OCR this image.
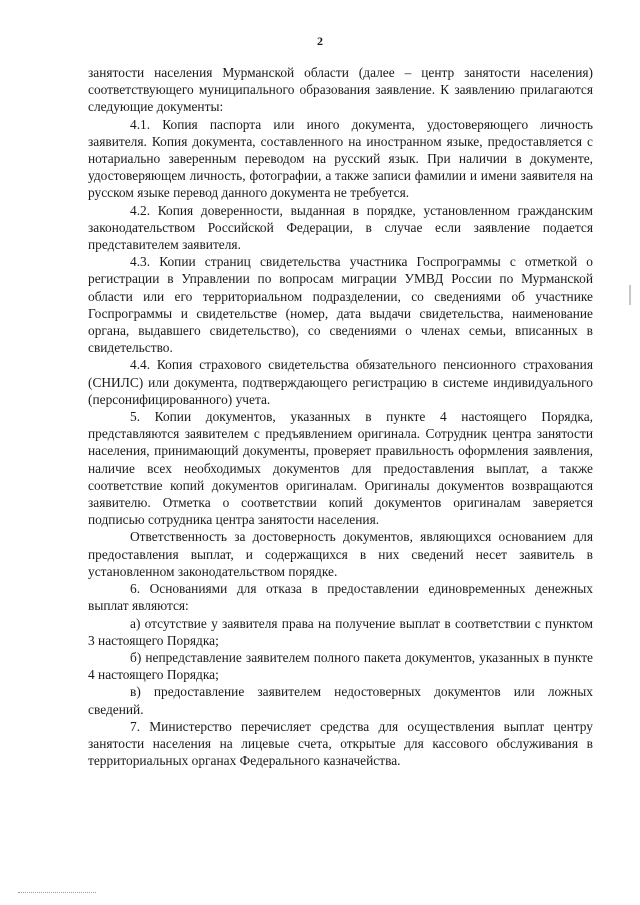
2

занятости населения Мурманской области (далее – центр занятости населения) соответствующего муниципального образования заявление. К заявлению прилагаются следующие документы:

4.1. Копия паспорта или иного документа, удостоверяющего личность заявителя. Копия документа, составленного на иностранном языке, предоставляется с нотариально заверенным переводом на русский язык. При наличии в документе, удостоверяющем личность, фотографии, а также записи фамилии и имени заявителя на русском языке перевод данного документа не требуется.

4.2. Копия доверенности, выданная в порядке, установленном гражданским законодательством Российской Федерации, в случае если заявление подается представителем заявителя.

4.3. Копии страниц свидетельства участника Госпрограммы с отметкой о регистрации в Управлении по вопросам миграции УМВД России по Мурманской области или его территориальном подразделении, со сведениями об участнике Госпрограммы и свидетельстве (номер, дата выдачи свидетельства, наименование органа, выдавшего свидетельство), со сведениями о членах семьи, вписанных в свидетельство.

4.4. Копия страхового свидетельства обязательного пенсионного страхования (СНИЛС) или документа, подтверждающего регистрацию в системе индивидуального (персонифицированного) учета.

5. Копии документов, указанных в пункте 4 настоящего Порядка, представляются заявителем с предъявлением оригинала. Сотрудник центра занятости населения, принимающий документы, проверяет правильность оформления заявления, наличие всех необходимых документов для предоставления выплат, а также соответствие копий документов оригиналам. Оригиналы документов возвращаются заявителю. Отметка о соответствии копий документов оригиналам заверяется подписью сотрудника центра занятости населения.

Ответственность за достоверность документов, являющихся основанием для предоставления выплат, и содержащихся в них сведений несет заявитель в установленном законодательством порядке.

6. Основаниями для отказа в предоставлении единовременных денежных выплат являются:

а) отсутствие у заявителя права на получение выплат в соответствии с пунктом 3 настоящего Порядка;

б) непредставление заявителем полного пакета документов, указанных в пункте 4 настоящего Порядка;

в) предоставление заявителем недостоверных документов или ложных сведений.

7. Министерство перечисляет средства для осуществления выплат центру занятости населения на лицевые счета, открытые для кассового обслуживания в территориальных органах Федерального казначейства.
